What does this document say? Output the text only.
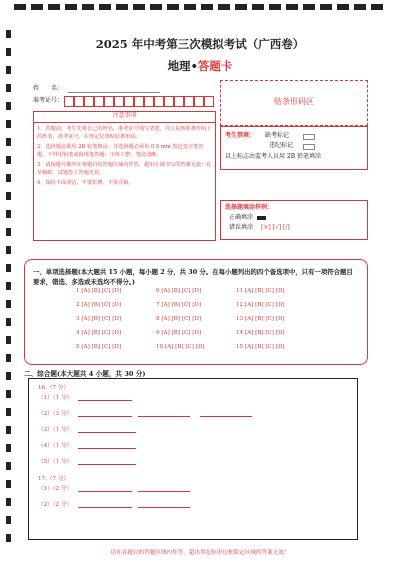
2025 年中考第三次模拟考试（广西卷）
地理•答题卡
姓　　名：
准考证号：	贴条形码区
注意事项
1．答题前，考生先将自己的姓名，准考证号填写清楚，并认真核准条形码上的姓名、准考证号，在规定位置贴好条形码。
2．选择题必须用 2B 铅笔填涂；非选择题必须用 0.5 mm 黑色签字笔答题，不得用铅笔或圆珠笔答题；字体工整、笔迹清晰。
3．请按题号顺序在各题目的答题区域内作答，超出区域书写的答案无效；在草稿纸、试题卷上答题无效。
4．保持卡面清洁，不要折叠、不要弄破。
考生禁填： 缺考标记
违纪标记
以上标志由监考人员用 2B 铅笔填涂
选择题填涂样例：
正确填涂
错误填涂 [×] [√] [/]
一、单项选择题(本大题共 15 小题，每小题 2 分，共 30 分。在每小题列出的四个备选项中，只有一项符合题目要求，错选、多选或未选均不得分。)
1 [A] [B] [C] [D]
2 [A] [B] [C] [D]
3 [A] [B] [C] [D]
4 [A] [B] [C] [D]
5 [A] [B] [C] [D]
6 [A] [B] [C] [D]
7 [A] [B] [C] [D]
8 [A] [B] [C] [D]
9 [A] [B] [C] [D]
10 [A] [B] [C] [D]
11 [A] [B] [C] [D]
12 [A] [B] [C] [D]
13 [A] [B] [C] [D]
14 [A] [B] [C] [D]
15 [A] [B] [C] [D]
二、综合题(本大题共 4 小题，共 30 分)
16.（7 分）
（1）（1 分）
（2）（3 分）
（3）（1 分）
（4）（1 分）
（5）（1 分）
17.（7 分）
（1）（2 分）
（2）（2 分）
请在各题目的答题区域内作答，超出黑色矩形边框限定区域的答案无效！
